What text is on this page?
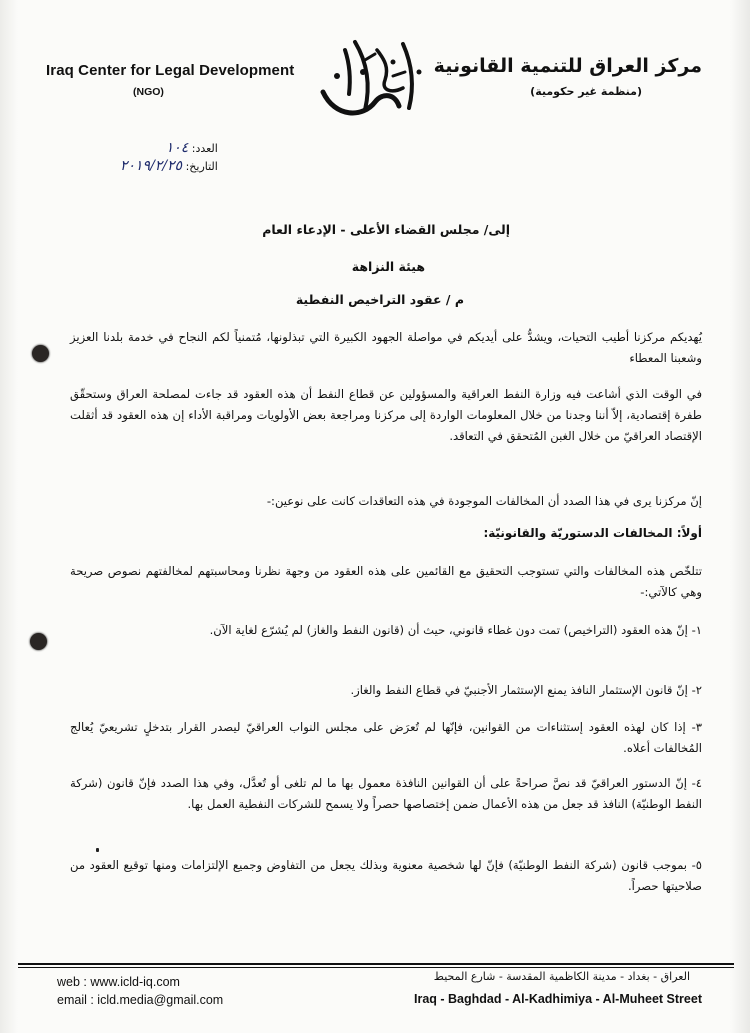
Iraq Center for Legal Development
(NGO)
مركز العراق للتنمية القانونية
(منظمة غير حكومية)
العدد: ١٠٤
التاريخ: ٢٠١٩/٢/٢٥
إلى/ مجلس القضاء الأعلى - الإدعاء العام
هيئة النزاهة
م / عقود التراخيص النفطية
يُهديكم مركزنا أطيب التحيات، ويشدُّ على أيديكم في مواصلة الجهود الكبيرة التي تبذلونها، مُتمنياً لكم النجاح في خدمة بلدنا العزيز وشعبنا المعطاء
في الوقت الذي أشاعت فيه وزارة النفط العراقية والمسؤولين عن قطاع النفط أن هذه العقود قد جاءت لمصلحة العراق وستحقّق طفرة إقتصادية، إلاّ أننا وجدنا من خلال المعلومات الواردة إلى مركزنا ومراجعة بعض الأولويات ومراقبة الأداء إن هذه العقود قد أثقلت الإقتصاد العراقيّ من خلال الغبن المُتحقق في التعاقد.
إنّ مركزنا يرى في هذا الصدد أن المخالفات الموجودة في هذه التعاقدات كانت على نوعين:-
أولاً: المخالفات الدستوريّة والقانونيّة:
تتلخّص هذه المخالفات والتي تستوجب التحقيق مع القائمين على هذه العقود من وجهة نظرنا ومحاسبتهم لمخالفتهم نصوص صريحة وهي كالآتي:-
١- إنّ هذه العقود (التراخيص) تمت دون غطاء قانوني، حيث أن (قانون النفط والغاز) لم يُشرّع لغاية الآن.
٢- إنّ قانون الإستثمار النافذ يمنع الإستثمار الأجنبيّ في قطاع النفط والغاز.
٣- إذا كان لهذه العقود إستثناءات من القوانين، فإنّها لم تُعرَض على مجلس النواب العراقيّ ليصدر القرار بتدخلٍ تشريعيّ يُعالج المُخالفات أعلاه.
٤- إنّ الدستور العراقيّ قد نصَّ صراحةً على أن القوانين النافذة معمول بها ما لم تلغى أو تُعدَّل، وفي هذا الصدد فإنّ قانون (شركة النفط الوطنيّة) النافذ قد جعل من هذه الأعمال ضمن إختصاصها حصراً ولا يسمح للشركات النفطية العمل بها.
٥- بموجب قانون (شركة النفط الوطنيّة) فإنّ لها شخصية معنوية وبذلك يجعل من التفاوض وجميع الإلتزامات ومنها توقيع العقود من صلاحيتها حصراً.
web : www.icld-iq.com
email : icld.media@gmail.com
العراق - بغداد - مدينة الكاظمية المقدسة - شارع المحيط
Iraq - Baghdad - Al-Kadhimiya - Al-Muheet Street
